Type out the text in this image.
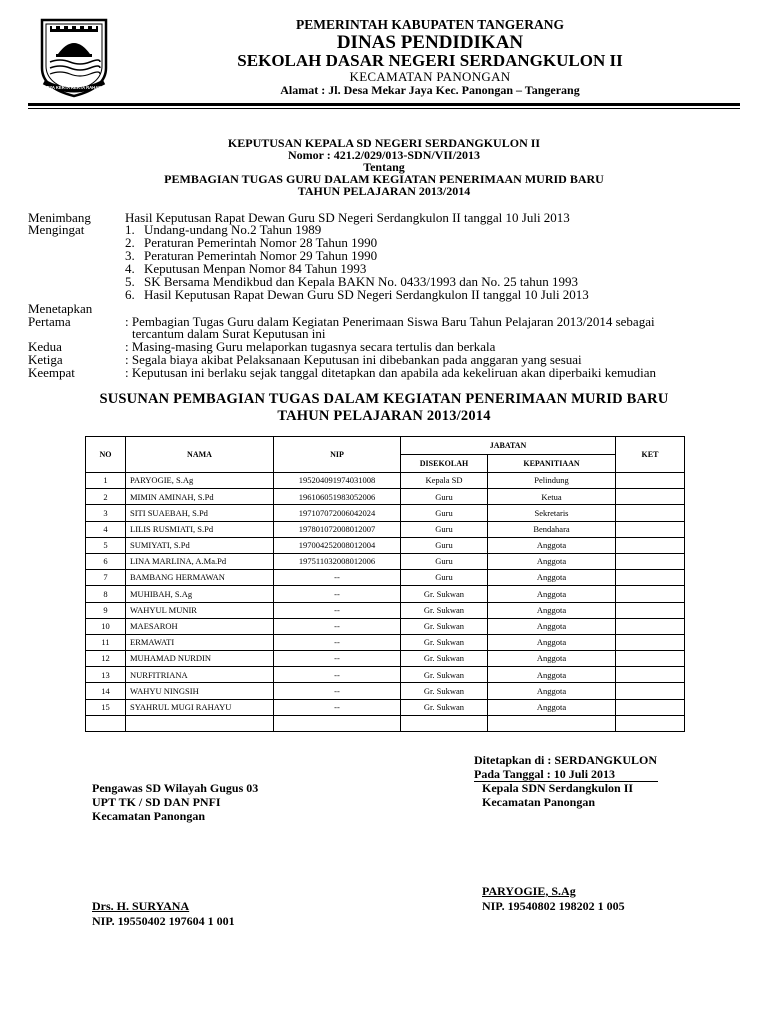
SATYA KERTA KERTA RAHARJA
PEMERINTAH KABUPATEN TANGERANG
DINAS PENDIDIKAN
SEKOLAH DASAR NEGERI SERDANGKULON II
KECAMATAN PANONGAN
Alamat : Jl. Desa Mekar Jaya Kec. Panongan – Tangerang
KEPUTUSAN KEPALA SD NEGERI SERDANGKULON II
Nomor : 421.2/029/013-SDN/VII/2013
Tentang
PEMBAGIAN TUGAS GURU DALAM KEGIATAN PENERIMAAN MURID BARU
TAHUN PELAJARAN 2013/2014
Menimbang	Hasil Keputusan Rapat Dewan Guru SD Negeri Serdangkulon II tanggal 10 Juli 2013
Mengingat	1. Undang-undang No.2 Tahun 1989
2. Peraturan Pemerintah Nomor 28 Tahun 1990
3. Peraturan Pemerintah Nomor 29 Tahun 1990
4. Keputusan Menpan Nomor 84 Tahun 1993
5. SK Bersama Mendikbud dan Kepala BAKN No. 0433/1993 dan No. 25 tahun 1993
6. Hasil Keputusan Rapat Dewan Guru SD Negeri Serdangkulon II tanggal 10 Juli 2013
Menetapkan
Pertama	: Pembagian Tugas Guru dalam Kegiatan Penerimaan Siswa Baru Tahun Pelajaran 2013/2014 sebagai
tercantum dalam Surat Keputusan ini
Kedua	: Masing-masing Guru melaporkan tugasnya secara tertulis dan berkala
Ketiga	: Segala biaya akibat Pelaksanaan Keputusan ini dibebankan pada anggaran yang sesuai
Keempat	: Keputusan ini berlaku sejak tanggal ditetapkan dan apabila ada kekeliruan akan diperbaiki kemudian
SUSUNAN PEMBAGIAN TUGAS DALAM KEGIATAN PENERIMAAN MURID BARU
TAHUN PELAJARAN 2013/2014
NO	NAMA	NIP	JABATAN		KET
			DISEKOLAH	KEPANITIAAN	
1	PARYOGIE, S.Ag	195204091974031008	Kepala SD	Pelindung	
2	MIMIN AMINAH, S.Pd	196106051983052006	Guru	Ketua	
3	SITI SUAEBAH, S.Pd	197107072006042024	Guru	Sekretaris	
4	LILIS RUSMIATI, S.Pd	197801072008012007	Guru	Bendahara	
5	SUMIYATI, S.Pd	197004252008012004	Guru	Anggota	
6	LINA MARLINA, A.Ma.Pd	197511032008012006	Guru	Anggota	
7	BAMBANG HERMAWAN	--	Guru	Anggota	
8	MUHIBAH, S.Ag	--	Gr. Sukwan	Anggota	
9	WAHYUL MUNIR	--	Gr. Sukwan	Anggota	
10	MAESAROH	--	Gr. Sukwan	Anggota	
11	ERMAWATI	--	Gr. Sukwan	Anggota	
12	MUHAMAD NURDIN	--	Gr. Sukwan	Anggota	
13	NURFITRIANA	--	Gr. Sukwan	Anggota	
14	WAHYU NINGSIH	--	Gr. Sukwan	Anggota	
15	SYAHRUL MUGI RAHAYU	--	Gr. Sukwan	Anggota	

Ditetapkan di : SERDANGKULON
Pada Tanggal : 10 Juli 2013
Pengawas SD Wilayah Gugus 03
UPT TK / SD DAN PNFI
Kecamatan Panongan
Kepala SDN Serdangkulon II
Kecamatan Panongan
PARYOGIE, S.Ag
NIP. 19540802 198202 1 005
Drs. H. SURYANA
NIP. 19550402 197604 1 001
